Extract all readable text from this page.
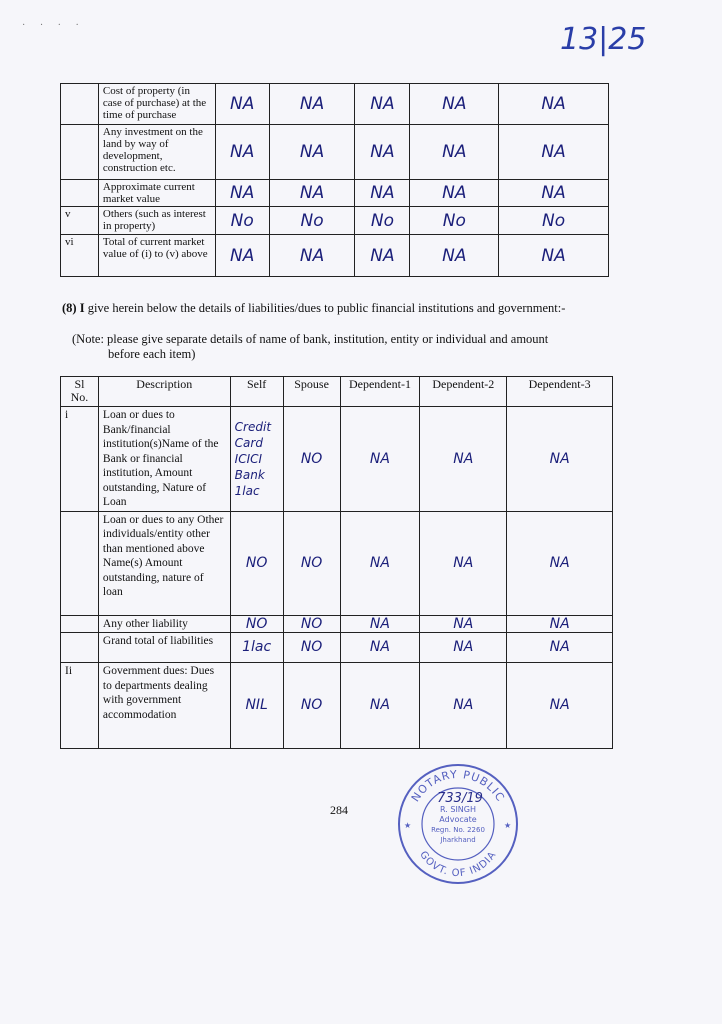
· · · ·	13|25
	Cost of property (in case of purchase) at the time of purchase	NA	NA	NA	NA	NA
	Any investment on the land by way of development, construction etc.	NA	NA	NA	NA	NA
	Approximate current market value	NA	NA	NA	NA	NA
v	Others (such as interest in property)	No	No	No	No	No
vi	Total of current market value of (i) to (v) above	NA	NA	NA	NA	NA
(8) I give herein below the details of liabilities/dues to public financial institutions and government:-
(Note: please give separate details of name of bank, institution, entity or individual and amount
before each item)
Sl No.	Description	Self	Spouse	Dependent-1	Dependent-2	Dependent-3
i	Loan or dues to Bank/financial institution(s)Name of the Bank or financial institution, Amount outstanding, Nature of Loan	Credit Card ICICI Bank 1lac	NO	NA	NA	NA
	Loan or dues to any Other individuals/entity other than mentioned above Name(s) Amount outstanding, nature of loan	NO	NO	NA	NA	NA
	Any other liability	NO	NO	NA	NA	NA
	Grand total of liabilities	1lac	NO	NA	NA	NA
Ii	Government dues: Dues to departments dealing with government accommodation	NIL	NO	NA	NA	NA
284
NOTARY PUBLIC
GOVT. OF INDIA
R. SINGH
Advocate
Regn. No. 2260
Jharkhand
733/19
★	★
